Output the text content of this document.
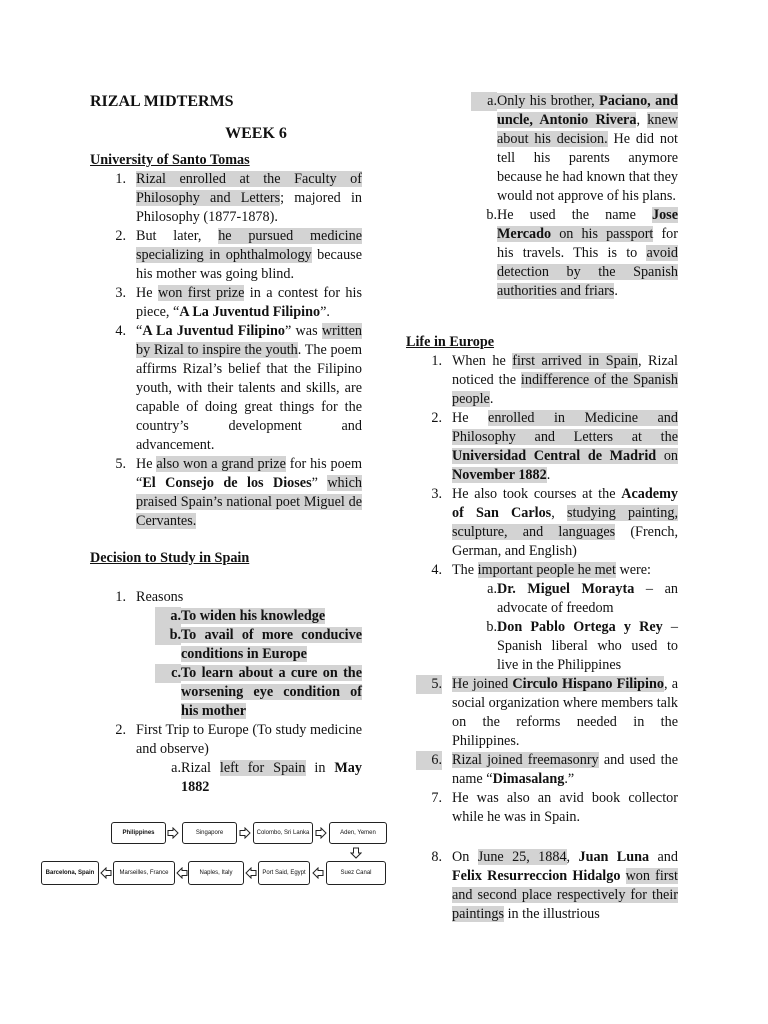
RIZAL MIDTERMS
WEEK 6
University of Santo Tomas
1. Rizal enrolled at the Faculty of Philosophy and Letters; majored in Philosophy (1877-1878).
2. But later, he pursued medicine specializing in ophthalmology because his mother was going blind.
3. He won first prize in a contest for his piece, “A La Juventud Filipino”.
4. “A La Juventud Filipino” was written by Rizal to inspire the youth. The poem affirms Rizal’s belief that the Filipino youth, with their talents and skills, are capable of doing great things for the country’s development and advancement.
5. He also won a grand prize for his poem “El Consejo de los Dioses” which praised Spain’s national poet Miguel de Cervantes.
Decision to Study in Spain
1. Reasons
a. To widen his knowledge
b. To avail of more conducive conditions in Europe
c. To learn about a cure on the worsening eye condition of his mother
2. First Trip to Europe (To study medicine and observe)
a. Rizal left for Spain in May 1882
Philippines	Singapore	Colombo, Sri Lanka	Aden, Yemen
Suez Canal
Port Said, Egypt
Naples, Italy
Marseilles, France
Barcelona, Spain
a. Only his brother, Paciano, and uncle, Antonio Rivera, knew about his decision. He did not tell his parents anymore because he had known that they would not approve of his plans.
b. He used the name Jose Mercado on his passport for his travels. This is to avoid detection by the Spanish authorities and friars.
Life in Europe
1. When he first arrived in Spain, Rizal noticed the indifference of the Spanish people.
2. He enrolled in Medicine and Philosophy and Letters at the Universidad Central de Madrid on November 1882.
3. He also took courses at the Academy of San Carlos, studying painting, sculpture, and languages (French, German, and English)
4. The important people he met were:
a. Dr. Miguel Morayta – an advocate of freedom
b. Don Pablo Ortega y Rey – Spanish liberal who used to live in the Philippines
5. He joined Circulo Hispano Filipino, a social organization where members talk on the reforms needed in the Philippines.
6. Rizal joined freemasonry and used the name “Dimasalang.”
7. He was also an avid book collector while he was in Spain.
8. On June 25, 1884, Juan Luna and Felix Resurreccion Hidalgo won first and second place respectively for their paintings in the illustrious
